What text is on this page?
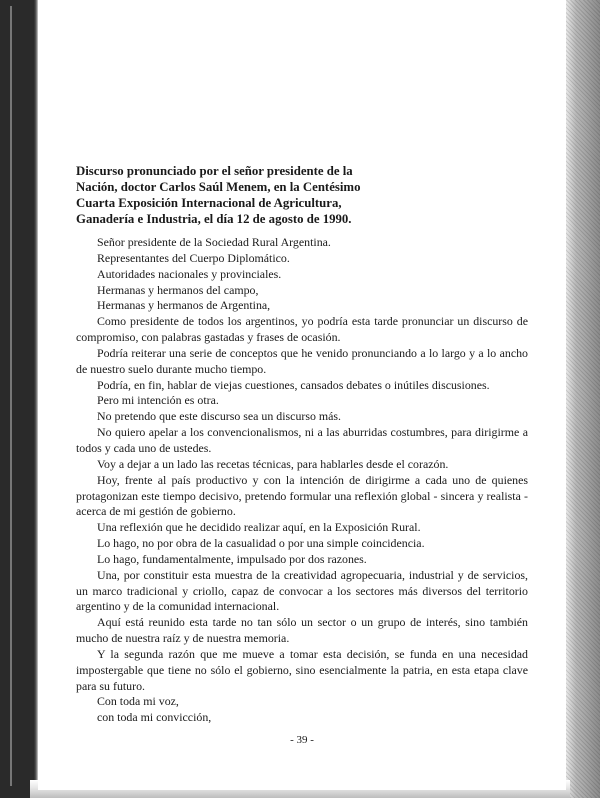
Discurso pronunciado por el señor presidente de la Nación, doctor Carlos Saúl Menem, en la Centésimo Cuarta Exposición Internacional de Agricultura, Ganadería e Industria, el día 12 de agosto de 1990.

Señor presidente de la Sociedad Rural Argentina.

Representantes del Cuerpo Diplomático.

Autoridades nacionales y provinciales.

Hermanas y hermanos del campo,

Hermanas y hermanos de Argentina,

Como presidente de todos los argentinos, yo podría esta tarde pronunciar un discurso de compromiso, con palabras gastadas y frases de ocasión.

Podría reiterar una serie de conceptos que he venido pronunciando a lo largo y a lo ancho de nuestro suelo durante mucho tiempo.

Podría, en fin, hablar de viejas cuestiones, cansados debates o inútiles discusiones.

Pero mi intención es otra.

No pretendo que este discurso sea un discurso más.

No quiero apelar a los convencionalismos, ni a las aburridas costumbres, para dirigirme a todos y cada uno de ustedes.

Voy a dejar a un lado las recetas técnicas, para hablarles desde el corazón.

Hoy, frente al país productivo y con la intención de dirigirme a cada uno de quienes protagonizan este tiempo decisivo, pretendo formular una reflexión global - sincera y realista - acerca de mi gestión de gobierno.

Una reflexión que he decidido realizar aquí, en la Exposición Rural.

Lo hago, no por obra de la casualidad o por una simple coincidencia.

Lo hago, fundamentalmente, impulsado por dos razones.

Una, por constituir esta muestra de la creatividad agropecuaria, industrial y de servicios, un marco tradicional y criollo, capaz de convocar a los sectores más diversos del territorio argentino y de la comunidad internacional.

Aquí está reunido esta tarde no tan sólo un sector o un grupo de interés, sino también mucho de nuestra raíz y de nuestra memoria.

Y la segunda razón que me mueve a tomar esta decisión, se funda en una necesidad impostergable que tiene no sólo el gobierno, sino esencialmente la patria, en esta etapa clave para su futuro.

Con toda mi voz,

con toda mi convicción,

- 39 -
